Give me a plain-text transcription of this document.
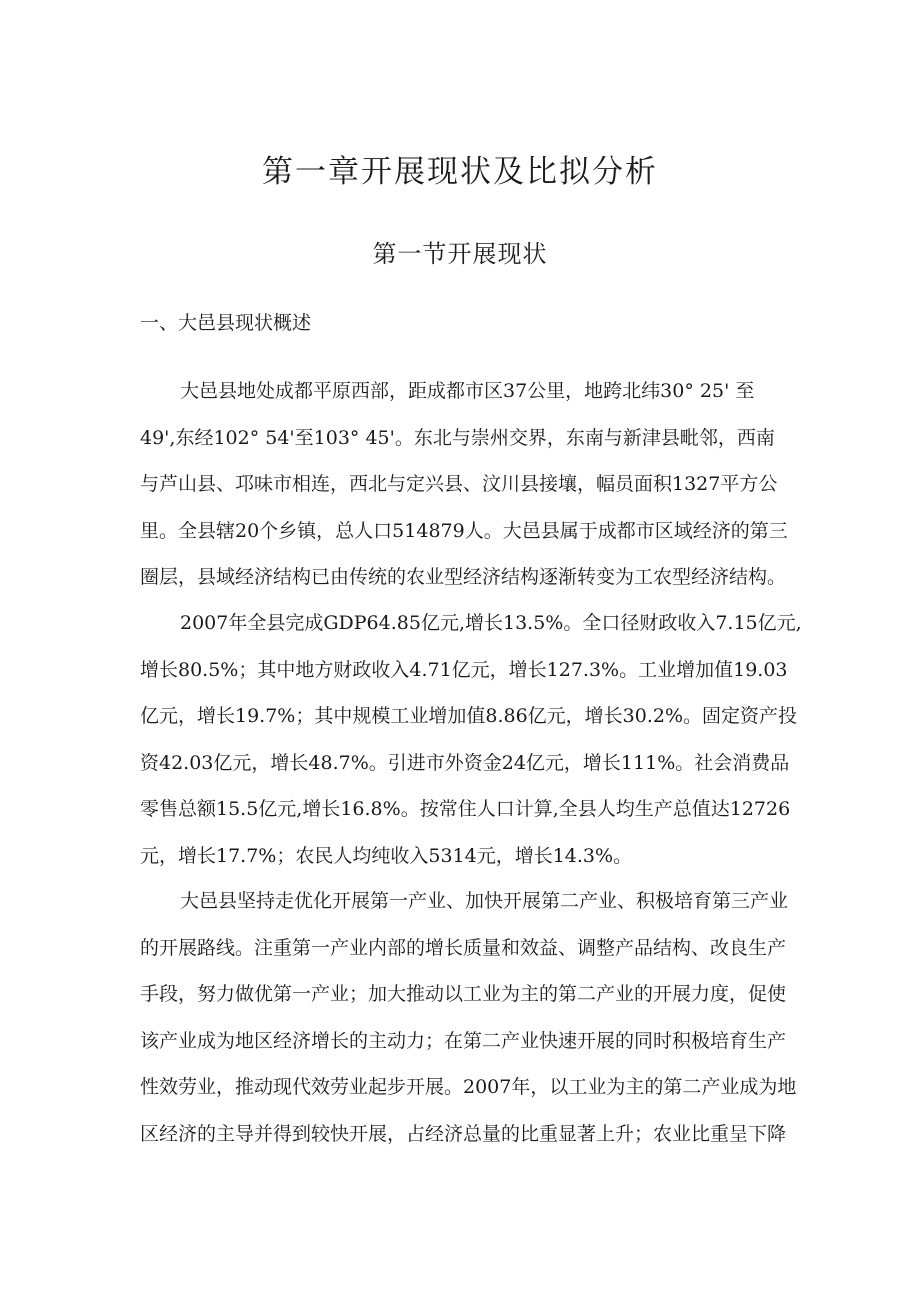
第一章开展现状及比拟分析
第一节开展现状
一、大邑县现状概述

大邑县地处成都平原西部，距成都市区37公里，地跨北纬30° 25' 至
49',东经102° 54'至103° 45'。东北与崇州交界，东南与新津县毗邻，西南
与芦山县、邛味市相连，西北与定兴县、汶川县接壤，幅员面积1327平方公
里。全县辖20个乡镇，总人口514879人。大邑县属于成都市区域经济的第三
圈层，县域经济结构已由传统的农业型经济结构逐渐转变为工农型经济结构。

2007年全县完成GDP64.85亿元,增长13.5%。全口径财政收入7.15亿元,
增长80.5%；其中地方财政收入4.71亿元，增长127.3%。工业增加值19.03
亿元，增长19.7%；其中规模工业增加值8.86亿元，增长30.2%。固定资产投
资42.03亿元，增长48.7%。引进市外资金24亿元，增长111%。社会消费品
零售总额15.5亿元,增长16.8%。按常住人口计算,全县人均生产总值达12726
元，增长17.7%；农民人均纯收入5314元，增长14.3%。

大邑县坚持走优化开展第一产业、加快开展第二产业、积极培育第三产业
的开展路线。注重第一产业内部的增长质量和效益、调整产品结构、改良生产
手段，努力做优第一产业；加大推动以工业为主的第二产业的开展力度，促使
该产业成为地区经济增长的主动力；在第二产业快速开展的同时积极培育生产
性效劳业，推动现代效劳业起步开展。2007年，以工业为主的第二产业成为地
区经济的主导并得到较快开展，占经济总量的比重显著上升；农业比重呈下降
